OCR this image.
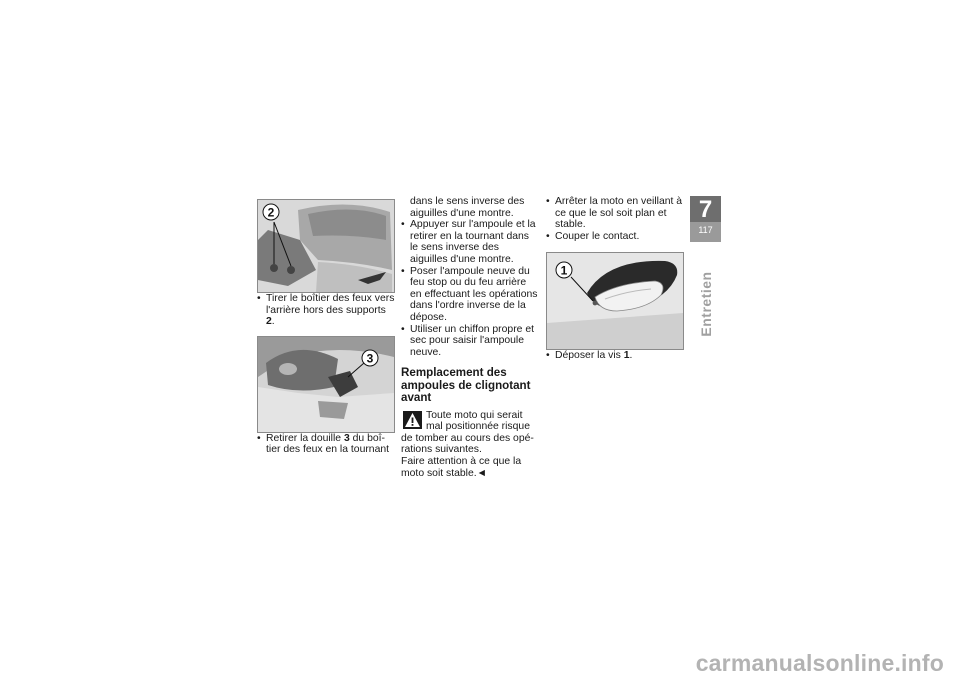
2
• Tirer le boîtier des feux vers l'arrière hors des supports 2.
3
• Retirer la douille 3 du boî-tier des feux en la tournant
dans le sens inverse des aiguilles d'une montre.
• Appuyer sur l'ampoule et la retirer en la tournant dans le sens inverse des aiguilles d'une montre.
• Poser l'ampoule neuve du feu stop ou du feu arrière en effectuant les opérations dans l'ordre inverse de la dépose.
• Utiliser un chiffon propre et sec pour saisir l'ampoule neuve.
Remplacement des ampoules de clignotant avant
Toute moto qui serait mal positionnée risque de tomber au cours des opé-rations suivantes.
Faire attention à ce que la moto soit stable.◄
• Arrêter la moto en veillant à ce que le sol soit plan et stable.
• Couper le contact.
1
• Déposer la vis 1.
7
117
Entretien
carmanualsonline.info
